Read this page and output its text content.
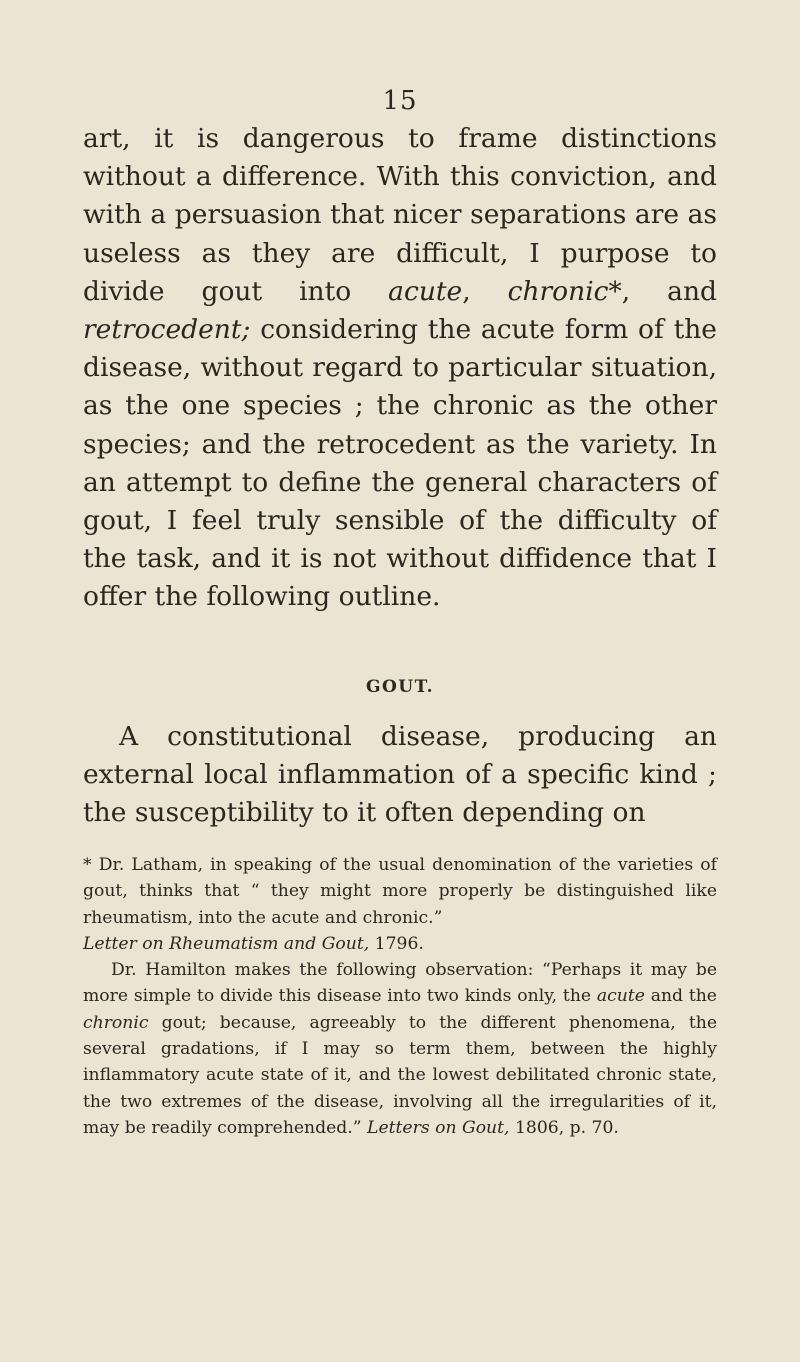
15

art, it is dangerous to frame distinctions without a difference. With this conviction, and with a persuasion that nicer separations are as useless as they are difficult, I purpose to divide gout into acute, chronic*, and retrocedent; considering the acute form of the disease, without regard to particular situation, as the one species ; the chronic as the other species; and the retrocedent as the variety. In an attempt to define the general characters of gout, I feel truly sensible of the difficulty of the task, and it is not without diffidence that I offer the following outline.

GOUT.

A constitutional disease, producing an external local inflammation of a specific kind ; the susceptibility to it often depending on

* Dr. Latham, in speaking of the usual denomination of the varieties of gout, thinks that “ they might more properly be distinguished like rheumatism, into the acute and chronic.”
Letter on Rheumatism and Gout, 1796.

Dr. Hamilton makes the following observation: “Perhaps it may be more simple to divide this disease into two kinds only, the acute and the chronic gout; because, agreeably to the different phenomena, the several gradations, if I may so term them, between the highly inflammatory acute state of it, and the lowest debilitated chronic state, the two extremes of the disease, involving all the irregularities of it, may be readily comprehended.” Letters on Gout, 1806, p. 70.
